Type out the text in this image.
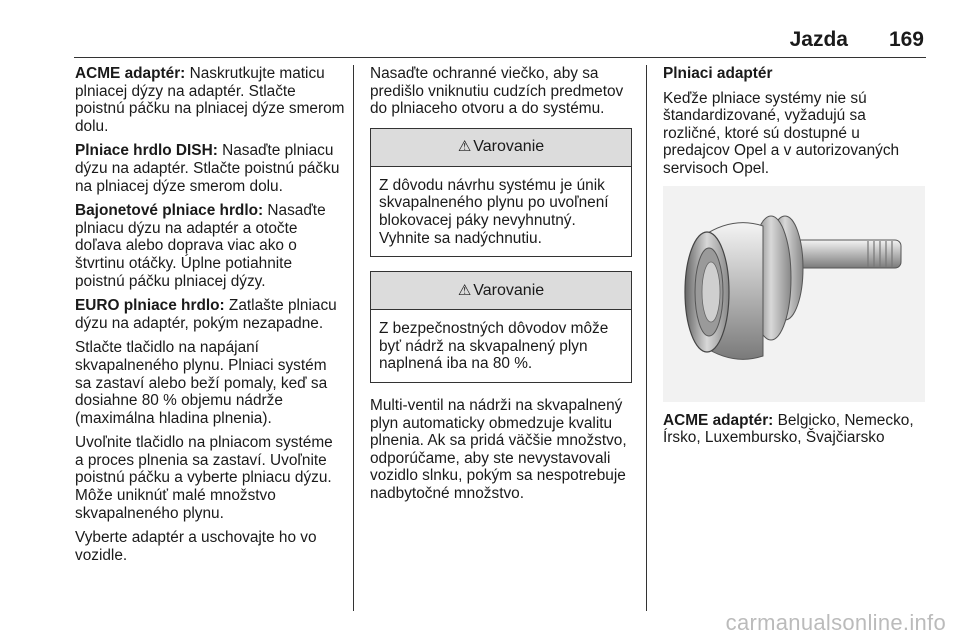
Jazda 169

ACME adaptér: Naskrutkujte maticu plniacej dýzy na adaptér. Stlačte poistnú páčku na plniacej dýze smerom dolu.

Plniace hrdlo DISH: Nasaďte plniacu dýzu na adaptér. Stlačte poistnú páčku na plniacej dýze smerom dolu.

Bajonetové plniace hrdlo: Nasaďte plniacu dýzu na adaptér a otočte doľava alebo doprava viac ako o štvrtinu otáčky. Úplne potiahnite poistnú páčku plniacej dýzy.

EURO plniace hrdlo: Zatlašte plniacu dýzu na adaptér, pokým nezapadne.

Stlačte tlačidlo na napájaní skvapalneného plynu. Plniaci systém sa zastaví alebo beží pomaly, keď sa dosiahne 80 % objemu nádrže (maximálna hladina plnenia).

Uvoľnite tlačidlo na plniacom systéme a proces plnenia sa zastaví. Uvoľnite poistnú páčku a vyberte plniacu dýzu. Môže uniknúť malé množstvo skvapalneného plynu.

Vyberte adaptér a uschovajte ho vo vozidle.

Nasaďte ochranné viečko, aby sa predišlo vniknutiu cudzích predmetov do plniaceho otvoru a do systému.

⚠ Varovanie
Z dôvodu návrhu systému je únik skvapalneného plynu po uvoľnení blokovacej páky nevyhnutný. Vyhnite sa nadýchnutiu.
⚠ Varovanie
Z bezpečnostných dôvodov môže byť nádrž na skvapalnený plyn naplnená iba na 80 %.

Multi-ventil na nádrži na skvapalnený plyn automaticky obmedzuje kvalitu plnenia. Ak sa pridá väčšie množstvo, odporúčame, aby ste nevystavovali vozidlo slnku, pokým sa nespotrebuje nadbytočné množstvo.

Plniaci adaptér

Keďže plniace systémy nie sú štandardizované, vyžadujú sa rozličné, ktoré sú dostupné u predajcov Opel a v autorizovaných servisoch Opel.

ACME adaptér: Belgicko, Nemecko, Írsko, Luxembursko, Švajčiarsko

carmanualsonline.info
